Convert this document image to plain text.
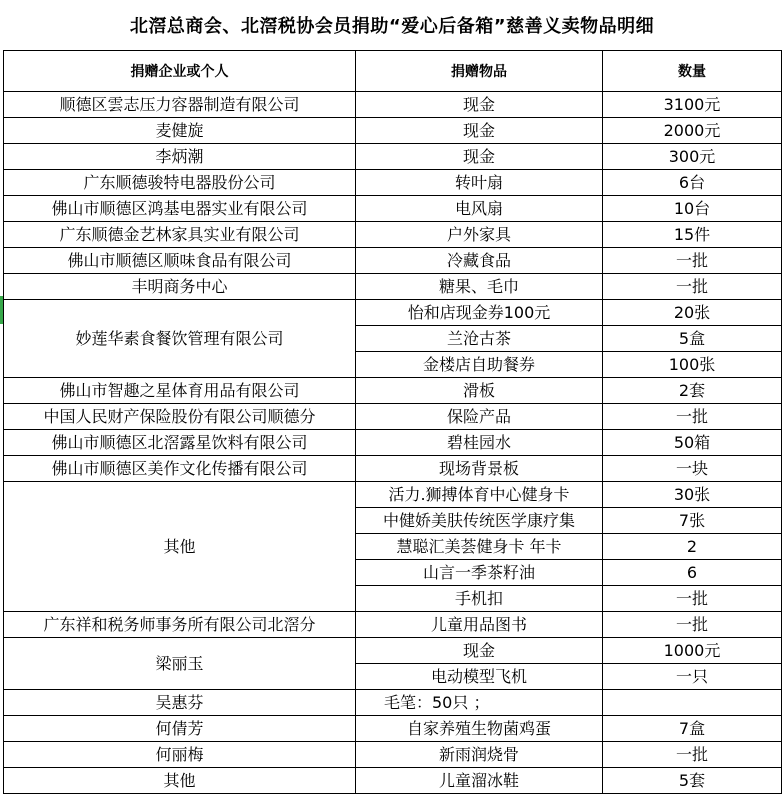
北滘总商会、北滘税协会员捐助“爱心后备箱”慈善义卖物品明细
捐赠企业或个人	捐赠物品	数量
顺德区雲志压力容器制造有限公司	现金	3100元
麦健旋	现金	2000元
李炳潮	现金	300元
广东顺德骏特电器股份公司	转叶扇	6台
佛山市顺德区鸿基电器实业有限公司	电风扇	10台
广东顺德金艺林家具实业有限公司	户外家具	15件
佛山市顺德区顺味食品有限公司	冷藏食品	一批
丰明商务中心	糖果、毛巾	一批
妙莲华素食餐饮管理有限公司	怡和店现金券100元	20张
	兰沧古茶	5盒
	金楼店自助餐券	100张
佛山市智趣之星体育用品有限公司	滑板	2套
中国人民财产保险股份有限公司顺德分	保险产品	一批
佛山市顺德区北滘露星饮料有限公司	碧桂园水	50箱
佛山市顺德区美作文化传播有限公司	现场背景板	一块
其他	活力.狮搏体育中心健身卡	30张
	中健娇美肤传统医学康疗集	7张
	慧聪汇美荟健身卡 年卡	2
	山言一季茶籽油	6
	手机扣	一批
广东祥和税务师事务所有限公司北滘分	儿童用品图书	一批
梁丽玉	现金	1000元
	电动模型飞机	一只
吴惠芬	毛笔：50只 ；	
何倩芳	自家养殖生物菌鸡蛋	7盒
何丽梅	新雨润烧骨	一批
其他	儿童溜冰鞋	5套
